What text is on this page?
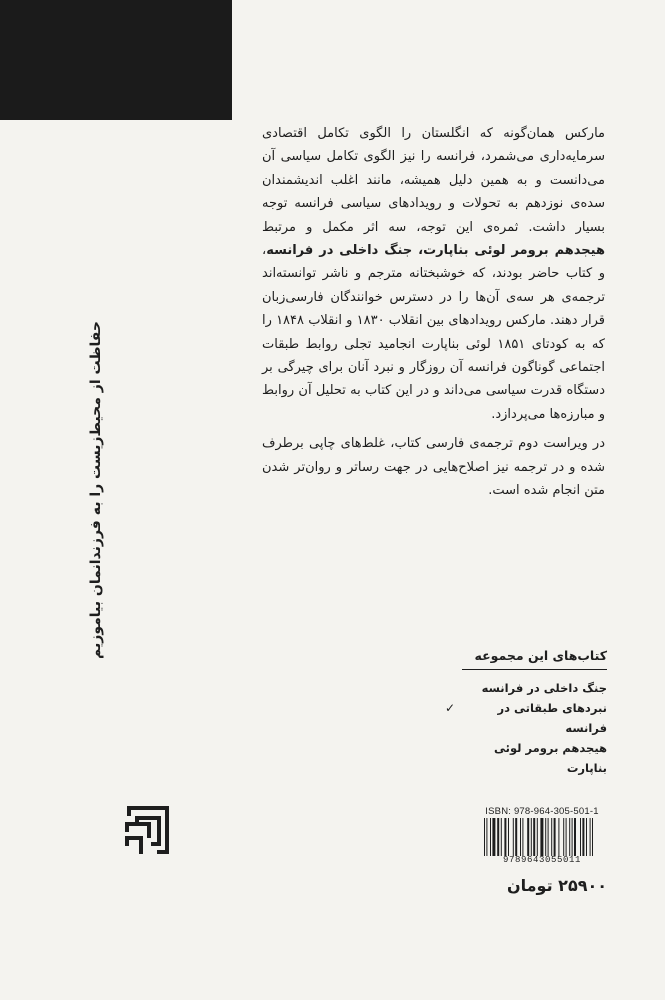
مارکس همان‌گونه که انگلستان را الگوی تکامل اقتصادی سرمایه‌داری می‌شمرد، فرانسه را نیز الگوی تکامل سیاسی آن می‌دانست و به همین دلیل همیشه، مانند اغلب اندیشمندان سده‌ی نوزدهم به تحولات و رویدادهای سیاسی فرانسه توجه بسیار داشت. ثمره‌ی این توجه، سه اثر مکمل و مرتبط هیجدهم برومر لوئی بناپارت، جنگ داخلی در فرانسه، و کتاب حاضر بودند، که خوشبختانه مترجم و ناشر توانسته‌اند ترجمه‌ی هر سه‌ی آن‌ها را در دسترس خوانندگان فارسی‌زبان قرار دهند. مارکس رویدادهای بین انقلاب ۱۸۳۰ و انقلاب ۱۸۴۸ را که به کودتای ۱۸۵۱ لوئی بناپارت انجامید تجلی روابط طبقات اجتماعی گوناگون فرانسه آن روزگار و نبرد آنان برای چیرگی بر دستگاه قدرت سیاسی می‌داند و در این کتاب به تحلیل آن روابط و مبارزه‌ها می‌پردازد.

در ویراست دوم ترجمه‌ی فارسی کتاب، غلط‌های چاپی برطرف شده و در ترجمه نیز اصلاح‌هایی در جهت رساتر و روان‌تر شدن متن انجام شده است.

حفاظت از محیط‌زیست را به فرزندانمان بیاموزیم	کتاب‌های این مجموعه
جنگ داخلی در فرانسه
نبردهای طبقاتی در فرانسه
✓
هیجدهم برومر لوئی بناپارت
ISBN: 978-964-305-501-1
9789643055011
۲۵۹۰۰ تومان
